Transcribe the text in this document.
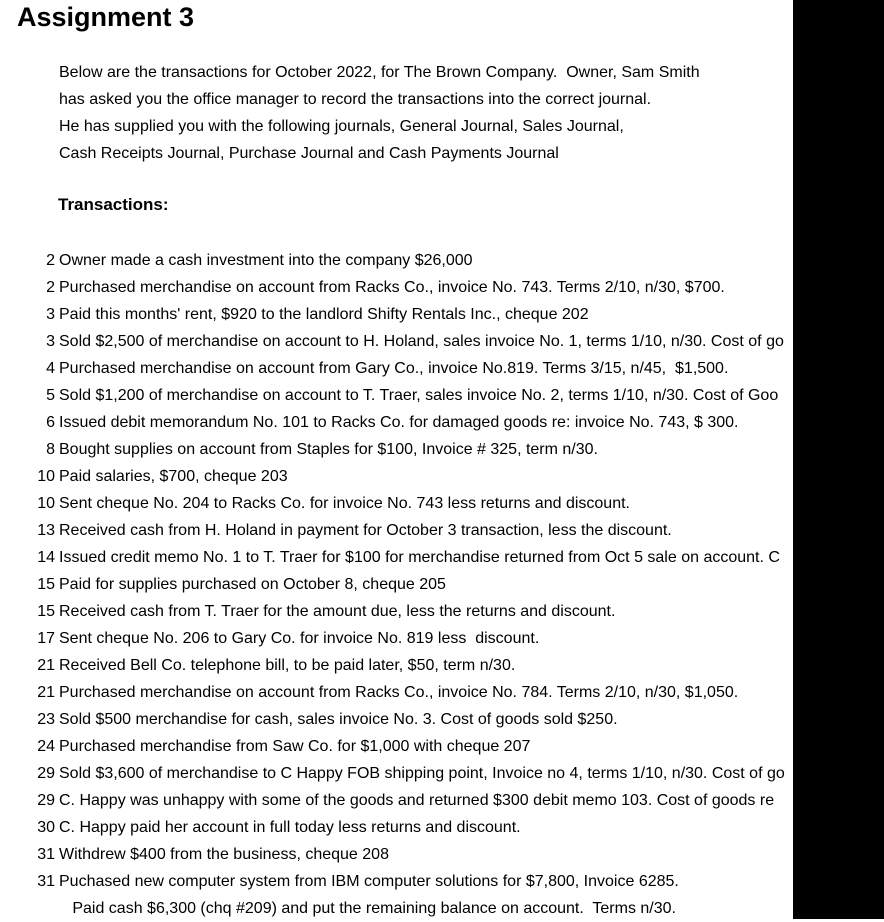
Assignment 3
Below are the transactions for October 2022, for The Brown Company.  Owner, Sam Smith
has asked you the office manager to record the transactions into the correct journal.
He has supplied you with the following journals, General Journal, Sales Journal,
Cash Receipts Journal, Purchase Journal and Cash Payments Journal
Transactions:
2 Owner made a cash investment into the company $26,000
2 Purchased merchandise on account from Racks Co., invoice No. 743. Terms 2/10, n/30, $700.
3 Paid this months' rent, $920 to the landlord Shifty Rentals Inc., cheque 202
3 Sold $2,500 of merchandise on account to H. Holand, sales invoice No. 1, terms 1/10, n/30. Cost of go
4 Purchased merchandise on account from Gary Co., invoice No.819. Terms 3/15, n/45,  $1,500.
5 Sold $1,200 of merchandise on account to T. Traer, sales invoice No. 2, terms 1/10, n/30. Cost of Goo
6 Issued debit memorandum No. 101 to Racks Co. for damaged goods re: invoice No. 743, $ 300.
8 Bought supplies on account from Staples for $100, Invoice # 325, term n/30.
10 Paid salaries, $700, cheque 203
10 Sent cheque No. 204 to Racks Co. for invoice No. 743 less returns and discount.
13 Received cash from H. Holand in payment for October 3 transaction, less the discount.
14 Issued credit memo No. 1 to T. Traer for $100 for merchandise returned from Oct 5 sale on account. C
15 Paid for supplies purchased on October 8, cheque 205
15 Received cash from T. Traer for the amount due, less the returns and discount.
17 Sent cheque No. 206 to Gary Co. for invoice No. 819 less  discount.
21 Received Bell Co. telephone bill, to be paid later, $50, term n/30.
21 Purchased merchandise on account from Racks Co., invoice No. 784. Terms 2/10, n/30, $1,050.
23 Sold $500 merchandise for cash, sales invoice No. 3. Cost of goods sold $250.
24 Purchased merchandise from Saw Co. for $1,000 with cheque 207
29 Sold $3,600 of merchandise to C Happy FOB shipping point, Invoice no 4, terms 1/10, n/30. Cost of go
29 C. Happy was unhappy with some of the goods and returned $300 debit memo 103. Cost of goods re
30 C. Happy paid her account in full today less returns and discount.
31 Withdrew $400 from the business, cheque 208
31 Puchased new computer system from IBM computer solutions for $7,800, Invoice 6285.
Paid cash $6,300 (chq #209) and put the remaining balance on account.  Terms n/30.
